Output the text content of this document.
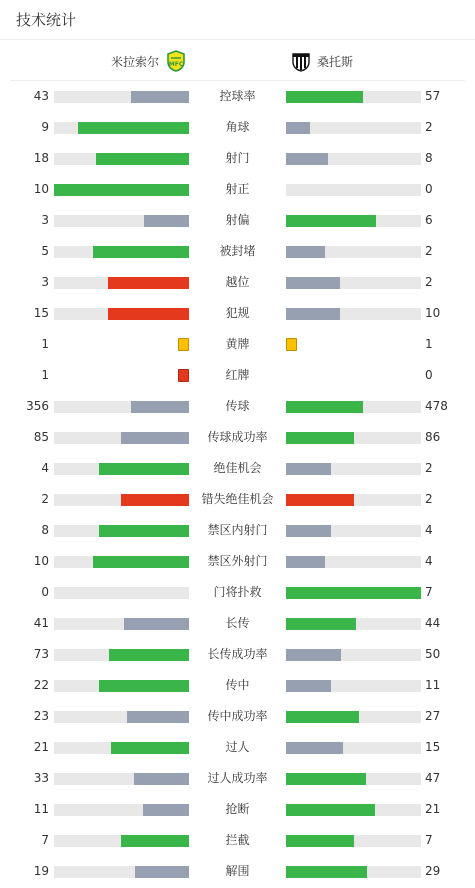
技术统计
米拉索尔 MFC	桑托斯
43	控球率	57
9	角球	2
18	射门	8
10	射正	0
3	射偏	6
5	被封堵	2
3	越位	2
15	犯规	10
1	黄牌	1
1	红牌	0
356	传球	478
85	传球成功率	86
4	绝佳机会	2
2	错失绝佳机会	2
8	禁区内射门	4
10	禁区外射门	4
0	门将扑救	7
41	长传	44
73	长传成功率	50
22	传中	11
23	传中成功率	27
21	过人	15
33	过人成功率	47
11	抢断	21
7	拦截	7
19	解围	29
